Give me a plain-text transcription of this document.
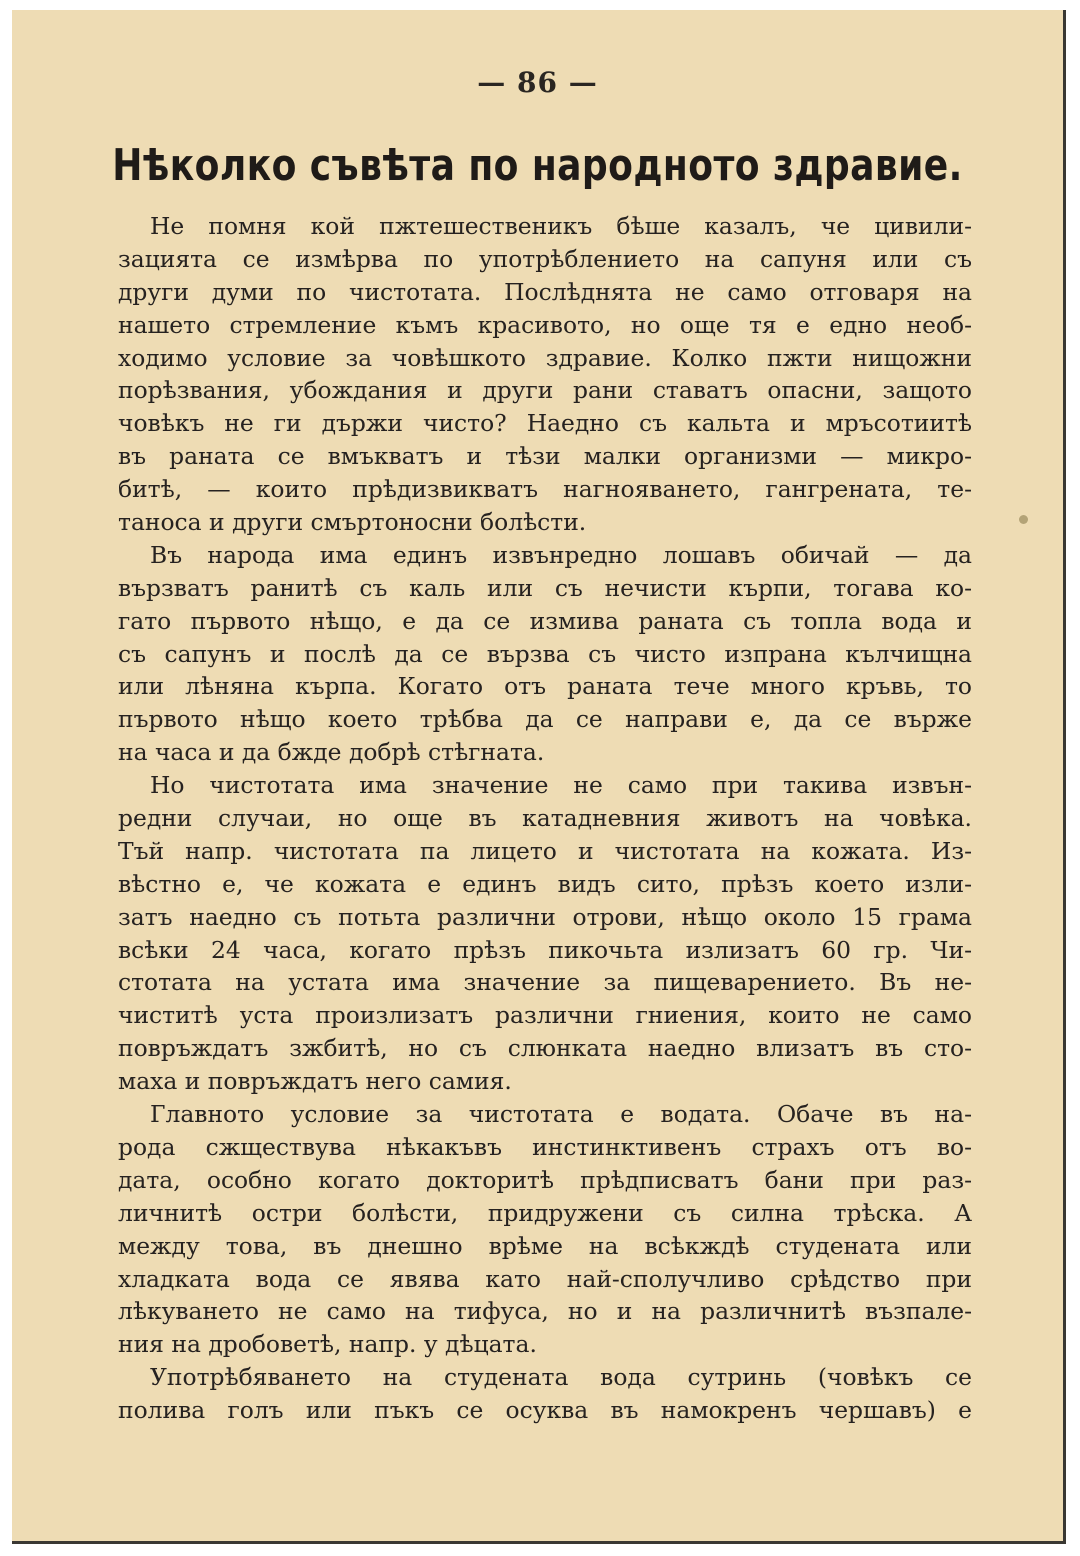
— 86 —
Нѣколко съвѣта по народното здравие.
Не помня кой пжтешественикъ бѣше казалъ, че цивили-
зацията се измѣрва по употрѣблението на сапуня или съ
други думи по чистотата. Послѣднята не само отговаря на
нашето стремление къмъ красивото, но още тя е едно необ-
ходимо условие за човѣшкото здравие. Колко пжти нищожни
порѣзвания, убождания и други рани ставатъ опасни, защото
човѣкъ не ги държи чисто? Наедно съ кальта и мръсотиитѣ
въ раната се вмъкватъ и тѣзи малки организми — микро-
битѣ, — които прѣдизвикватъ нагнояването, гангрената, те-
таноса и други смъртоносни болѣсти.
Въ народа има единъ извънредно лошавъ обичай — да
вързватъ ранитѣ съ каль или съ нечисти кърпи, тогава ко-
гато първото нѣщо, е да се измива раната съ топла вода и
съ сапунъ и послѣ да се вързва съ чисто изпрана кълчищна
или лѣняна кърпа. Когато отъ раната тече много кръвь, то
първото нѣщо което трѣбва да се направи е, да се върже
на часа и да бжде добрѣ стѣгната.
Но чистотата има значение не само при такива извън-
редни случаи, но още въ катадневния животъ на човѣка.
Тъй напр. чистотата па лицето и чистотата на кожата. Из-
вѣстно е, че кожата е единъ видъ сито, прѣзъ което изли-
затъ наедно съ потьта различни отрови, нѣщо около 15 грама
всѣки 24 часа, когато прѣзъ пикочьта излизатъ 60 гр. Чи-
стотата на устата има значение за пищеварението. Въ не-
чиститѣ уста произлизатъ различни гниения, които не само
повръждатъ зжбитѣ, но съ слюнката наедно влизатъ въ сто-
маха и повръждатъ него самия.
Главното условие за чистотата е водата. Обаче въ на-
рода сжществува нѣкакъвъ инстинктивенъ страхъ отъ во-
дата, особно когато докторитѣ прѣдписватъ бани при раз-
личнитѣ остри болѣсти, придружени съ силна трѣска. А
между това, въ днешно врѣме на всѣкждѣ студената или
хладката вода се явява като най-сполучливо срѣдство при
лѣкуването не само на тифуса, но и на различнитѣ възпале-
ния на дробоветѣ, напр. у дѣцата.
Употрѣбяването на студената вода сутринь (човѣкъ се
полива голъ или пъкъ се осуква въ намокренъ чершавъ) е
